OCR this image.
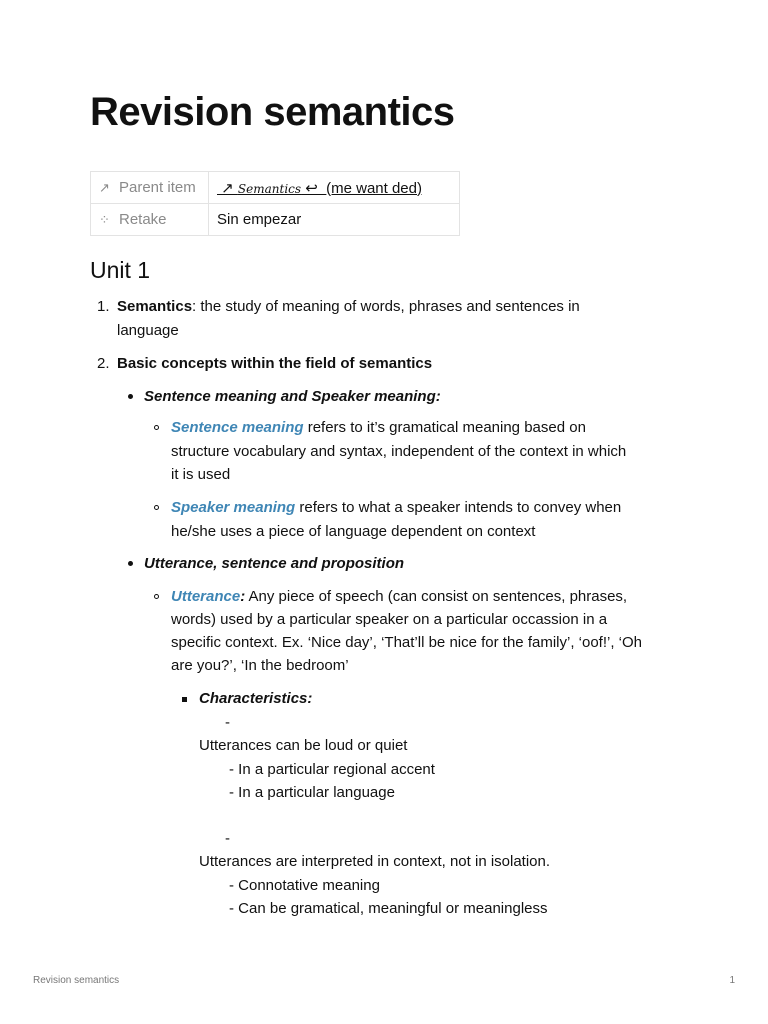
Revision semantics
↗ Parent item	↗ Semantics ↩  (me want ded)
⁘ Retake	Sin empezar
Unit 1
1. Semantics: the study of meaning of words, phrases and sentences in
language
2. Basic concepts within the field of semantics
Sentence meaning and Speaker meaning:
Sentence meaning refers to it’s gramatical meaning based on
structure vocabulary and syntax, independent of the context in which
it is used
Speaker meaning refers to what a speaker intends to convey when
he/she uses a piece of language dependent on context
Utterance, sentence and proposition
Utterance: Any piece of speech (can consist on sentences, phrases,
words) used by a particular speaker on a particular occassion in a
specific context. Ex. ‘Nice day’, ‘That’ll be nice for the family’, ‘oof!’, ‘Oh
are you?’, ‘In the bedroom’
Characteristics:
-
Utterances can be loud or quiet
- In a particular regional accent
- In a particular language
-
Utterances are interpreted in context, not in isolation.
- Connotative meaning
- Can be gramatical, meaningful or meaningless
Revision semantics	1
